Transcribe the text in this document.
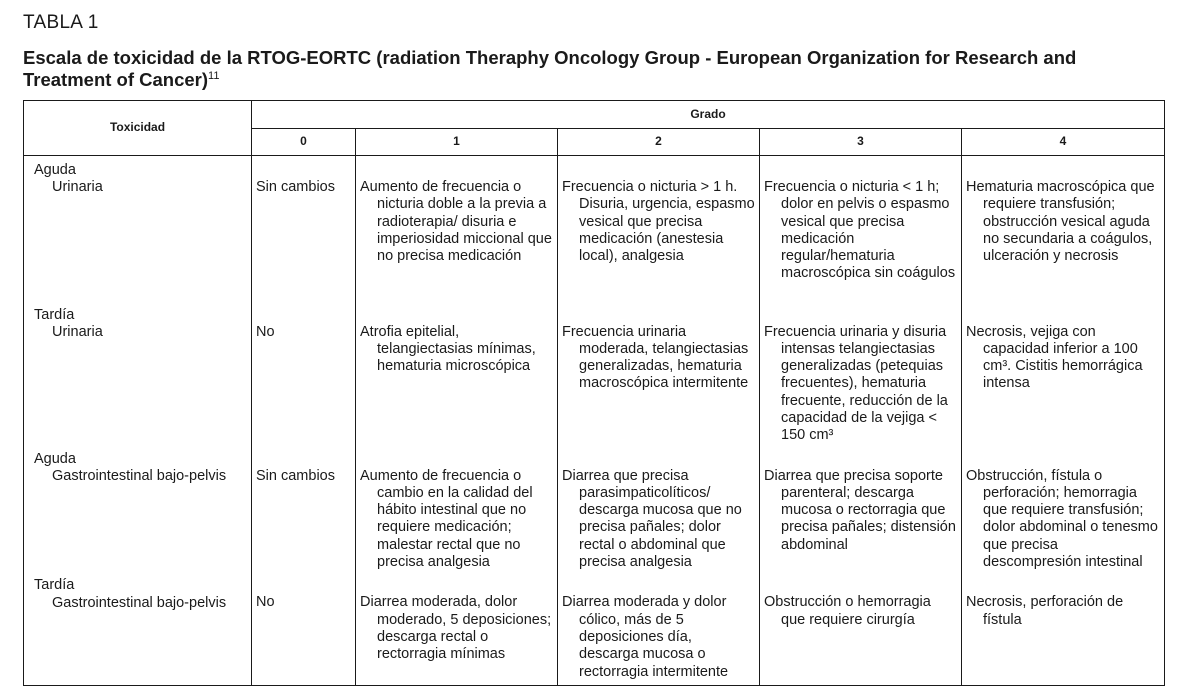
TABLA 1
Escala de toxicidad de la RTOG-EORTC (radiation Theraphy Oncology Group - European Organization for Research and Treatment of Cancer)$^{11}$
Toxicidad	Grado				
	0	1	2	3	4

Aguda
Urinaria	Sin cambios	Aumento de frecuencia o nicturia doble a la previa a radioterapia/ disuria e imperiosidad miccional que no precisa medicación	Frecuencia o nicturia > 1 h. Disuria, urgencia, espasmo vesical que precisa medicación (anestesia local), analgesia	Frecuencia o nicturia < 1 h; dolor en pelvis o espasmo vesical que precisa medicación regular/hematuria macroscópica sin coágulos	Hematuria macroscópica que requiere transfusión; obstrucción vesical aguda no secundaria a coágulos, ulceración y necrosis

Tardía
Urinaria	No	Atrofia epitelial, telangiectasias mínimas, hematuria microscópica	Frecuencia urinaria moderada, telangiectasias generalizadas, hematuria macroscópica intermitente	Frecuencia urinaria y disuria intensas telangiectasias generalizadas (petequias frecuentes), hematuria frecuente, reducción de la capacidad de la vejiga < 150 cm³	Necrosis, vejiga con capacidad inferior a 100 cm³. Cistitis hemorrágica intensa

Aguda
Gastrointestinal bajo-pelvis	Sin cambios	Aumento de frecuencia o cambio en la calidad del hábito intestinal que no requiere medicación; malestar rectal que no precisa analgesia	Diarrea que precisa parasimpaticolíticos/ descarga mucosa que no precisa pañales; dolor rectal o abdominal que precisa analgesia	Diarrea que precisa soporte parenteral; descarga mucosa o rectorragia que precisa pañales; distensión abdominal	Obstrucción, fístula o perforación; hemorragia que requiere transfusión; dolor abdominal o tenesmo que precisa descompresión intestinal

Tardía
Gastrointestinal bajo-pelvis	No	Diarrea moderada, dolor moderado, 5 deposiciones; descarga rectal o rectorragia mínimas	Diarrea moderada y dolor cólico, más de 5 deposiciones día, descarga mucosa o rectorragia intermitente	Obstrucción o hemorragia que requiere cirurgía	Necrosis, perforación de fístula
